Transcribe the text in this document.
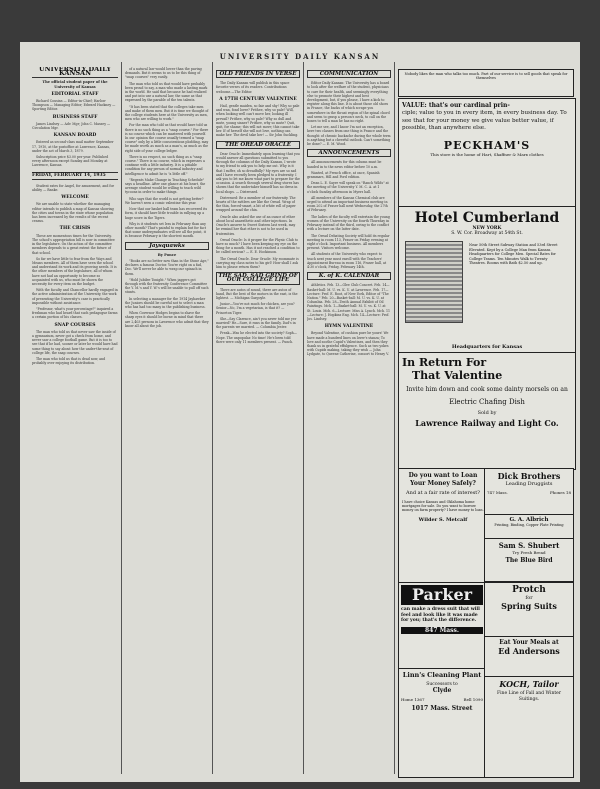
UNIVERSITY DAILY KANSAN
UNIVERSITY DAILY KANSAN
The official student paper of the University of Kansas
EDITORIAL STAFF

Richard Cousins — Editor-in-Chief; Harlow Thompson — Managing Editor; Edward Hackney — Sporting Editor.

BUSINESS STAFF

James Lindsey — Adv. Mgr; John C. Massey — Circulation Mgr.

KANSAN BOARD

Entered as second-class mail matter September 17, 1910, at the postoffice at Lawrence, Kansas, under the act of March 3, 1879.

Subscription price $3.00 per year. Published every afternoon except Sunday and Monday at Lawrence, Kansas.

FRIDAY, FEBRUARY 14, 1935

Student rates for Angel, for amusement, and for ability — Banke.

WELCOME

We are unable to state whether the managing editor intends to publish a map of Kansas showing the cities and towns in the state whose population has been increased by the results of the recent census.

THE CRISIS

These are momentous times for the University. The school's appropriation bill is now in committee in the legislature. On the action of the committee members depends to a great extent the future of that school.

So far we have little to fear from the Ways and Means members. All of them have seen the school and understand its work and its growing needs. It is the other members of the legislature, all of whom have not had an opportunity to become so acquainted with us, who must be shown the necessity for every item on the budget.

With the faculty and Chancellor hardly engaged in the active administration of the University, the work of presenting the University's case is practically impossible without assistance.

"Professor, what's your percentage?" inquired a freshman who had heard that such pedagogue farms a certain portion of his classes.

SNAP COURSES

The man who told us that never saw the inside of a gymnasium, never got a check from home, and never saw a college football game. But it is too to see that if he had, sooner or later he would have had some thing to say about how the under-the-seat of college life, the snap courses.

The man who told us that is dead now, and probably over enjoying its distribution.

of a natural law would lower than the paving demands. But it seems to us to be this thing of "snap courses" very easily.

The man who told us that would have probably been proud to say, a man who made a lasting mark in the world. He said that because he had realized and put into use a natural law, the same as that expressed by the parable of the ten talents.

"It has been stated that the colleges take men and make of them men. But it is time we thought of the college students here at the University as men, men who are willing to work."

For the man who told us that would have told us there is no such thing as a "snap course." For there is no course which can be mastered with yourself. In our opinion the course usually termed a "snap course" only by a little conscientious plodding, may be made worth as much as a man's, as much as the right side of your college ledger.

There is no respect, no such thing as a "snap course." There is no course, which in expresses a continue with a little industry. It is a pitiable condition for any person of normal industry and intelligence to admit he is "a little off."

"Regents Make Change in Teaching Schedule" says a headline. After one glance at his heart, the average student would be willing to teach wild tycoons in order to make things.

Who says that the world is not getting better? We haven't seen a comic valentine this year.

Now that our basket ball team has recovered its form, it should have little trouble in rallying up a huge score in the Tigers.

Why is it students set less in February than any other month? That's painful to explain but for fact that some undergraduates will see all the point, it is because February is the shortest month.

Jaysquawks
By Ponce

"Books are no better now than in the Stone Age," declares a famous Doctor. You're right on a fad, Doc. We'll never be able to wrap our spinach in them.

"Hold Jubilee Tonight." When jaggers got through with the fraternity Conference Committee the Y. M.'s and Y. W.'s will be unable to pull off such stunts.

In selecting a manager for the 1914 Jayhawker the Juniors should be careful not to select a man who has had too many in the publishing business.

When Governor Hodges begins to shave the sharp eyes it should be borne in mind that there are 2,403 persons in Lawrence who admit that they know all about the job.

OLD FRIENDS IN VERSE

The Daily Kansan will publish in this space favorite verses of its readers. Contributions welcome.—The Editor.

A 17TH CENTURY VALENTINE

Hail, gentle maiden, so fair and shy! Why so pale and wan, fond lover? Prithee, why so pale? Will, when looking well can't move her, looking ill prevail? Prithee, why so pale? Why so dull and mute, young sinner? Prithee, why so mute? Quit, quit, for shame; this will not move; this cannot take her. If of herself she will not love, nothing can make her: The devil take her! — Sir John Suckling.

THE OREAD ORACLE

Dear Oracle: Immediately upon learning that you would answer all questions submitted to you through the columns of the Daily Kansan, I wrote to my friend to ask you to help me out. Why is it that I suffer, oh so dreadfully? My eyes are so sad and I have recently been pledged to a fraternity. I ask you to let me know what part to prepare for the occasion. A search through several drug stores has shown that the undertaker himself has no dress in local shops. — Distressed.

Distressed: Be a member of our fraternity. The hearts of the rattlers are like the Oread. Wrap of the thin, forced-smart, a bit of white roll of paper wrapped around the chin.

Oracle also asked the use of an ounce of ether about local anaesthetic and other injections. In Oracle's answer to Sweet Sixteen last week, may he remind her that ether is not to be used in fraternities.

Oread Oracle: Is it proper for the Physic Club to have so much? I have been keeping my eye on the thing for a month. Has it not reached a condition to be called serious? — E. E. Hockinson.

The Oread Oracle. Dear Oracle: My roommate is carrying my class notes to his girl! How shall I ask him to please return them?

THE SAD, SAD GRIND OF OUR COLLEGE LIFE

There are autos of sound, there are autos of hand, But the best of the motors in the east, is the lightest. — Michigan Gargoyle.

Junior—You've not much for chicken, are you? Senior—No, I'm a vegetarian, is that it? — Princeton Tiger.

She—Say Clarence, ain't you never told me yer married? He—Sure, it runs in the family. Dad's in the parents we married. — Columbia Jester.

Freak—Was he elected into the society? Soph—Nope. The unpopular. No time! He's been told there were only 11 members present. — Punch.

COMMUNICATION

Editor Daily Kansan: The University has a board to look after the welfare of the student, physicians to care for their health, and seemingly everything else to promote their highest and best development, but, if you please, I have a kick to register along this line. It is about those old shoes in France, the backs of which scrape you somewhere in the throat region of the spinal chord and seem to grasp a person's neck, to call on the bones to tell a man he has no right.

Let me see, and I know I'm not an exception, here two classes from one thing is France and the thought of chronic backache during the whole term is anything but a cheerful outlook. Can't something be done? — E. M. Wood.

ANNOUNCEMENTS

All announcements for this column must be handed in to the news editor before 10 a.m.

Wanted, at French office, at once, Spanish grammars, Hill and Ford edition.

Dean L. E. Sayre will speak on "Ranch Wilds" at the meeting of the University Y. M. C. A. at 1 o'clock Sunday afternoon in Myers hall.

All members of the Kansas Chemical club are urged to attend an important business meeting in room 202 of Fraser hall next Wednesday, the 27th of February.

The ladies of the faculty will entertain the young women of the University on the fourth Thursday in February instead of the third, owing to the conflict with a lecture on the latter date.

The Oread Debating Society will hold its regular meeting in room 113, Fraser on Friday evening at eight o'clock. Important business. All members present. Visitors welcome.

All students of the University who expect to teach next year must enroll with the Teachers' Appointment Bureau in room 116, Fraser hall, at 4:30 o'clock, Friday, February 14th.

K. of K. CALENDAR

Athletics. Feb. 13—Glee Club Concert. Feb. 14—Basket-ball: M. U. vs. K. U. at Lawrence. Feb. 17—Lecture: Prof. E. Root, of New York, Editor of "The Nation." Feb. 20—Basket-ball: M. U. vs. K. U. at Columbia. Feb. 28—Tenth Annual Exhibit of Oil Paintings. Mch. 1—Basket-ball: M. U. vs. K. U. at St. Louis. Mch. 6—Lecture: Miss A. Lynch. Mch. 11—Lecture: J. Hopkins Eng. Mch. 14—Lecture: Prof. Jos. Lindsey.

HYMN VALENTINE

Beyond Valentine, of cushion pure be yours! We have made a hundred lines on lover's stanza; To love and soothe Cupid's Valentines, and then they thank us in grateful effulgence. Such as two yokes with Cupids making, taking they wish — John Lydgate, to Queene Catherine, consort to Henry V.

Nobody likes the man who talks too much. Part of our service is to sell goods that speak for themselves
VALUE: that's our cardinal prin-
ciple; value to you in every item, in every business day. To see that for your money we give value better value, if possible, than anywhere else.
PECKHAM'S
This store is the home of Hart, Shaffner & Marx clothes
Hotel Cumberland
NEW YORK
S. W. Cor. Broadway at 54th St.
Near 50th Street Subway Station and 53rd Street Elevated. Kept by a College Man from Kansas. Headquarters for College Men. Special Rates for College Teams. Ten Minutes Walk to Twenty Theatres. Rooms with Bath $2.50 and up.
Headquarters for Kansas
In Return For
That Valentine
Invite him down and cook some dainty morsels on an
Electric Chafing Dish
Sold by
Lawrence Railway and Light Co.
Do you want to Loan Your Money Safely?
And at a fair rate of interest?
I have choice Kansas and Oklahoma home mortgages for sale. Do you want to borrow money on farm property? I have money to loan.
Wilder S. Metcalf
Dick Brothers
Leading Druggists
747 Mass.	Phones 18
G. A. Albrich
Printing, Binding, Copper Plate Printing
Sam S. Shubert
Try Fresh Bread
The Blue Bird
Parker
can make a dress suit that will feel and look like it was made for you; that's the difference.
847 Mass.
Linn's Cleaning Plant
Successors to
Clyde
Home 1367	Bell 1090
1017 Mass. Street
Protch
for
Spring Suits
Eat Your Meals at
Ed Andersons
KOCH, Tailor
Fine Line of Fall and Winter Suitings.
